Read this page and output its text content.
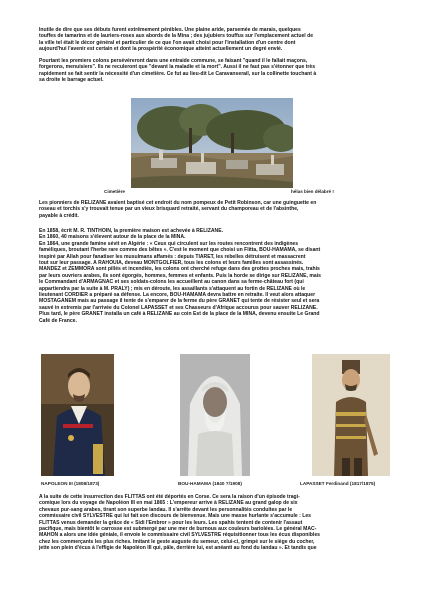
Inutile de dire que ses débuts furent extrêmement pénibles. Une plaine aride, parsemée de marais, quelques
touffes de tamarins et de lauriers-roses aux abords de la Mina ; des jujubiers touffus sur l'emplacement actuel de
la ville tel était le décor général et particulier de ce que l'on avait choisi pour l'installation d'un centre dont
aujourd'hui l'avenir est certain et dont la prospérité économique atteint actuellement un degré envié.

Pourtant les premiers colons persévéreront dans une entraide commune, se faisant "quand il le fallait maçons,
forgerons, menuisiers". Ils ne reculeront que "devant la maladie et la mort". Aussi il ne faut pas s'étonner que très
rapidement se fait sentir la nécessité d'un cimetière. Ce fut au lieu-dit Le Caravanserail, sur la collinette touchant à
sa droite le barrage actuel.

Cimetière	hélas bien délabré !

Les pionniers de RELIZANE avaient baptisé cet endroit du nom pompeux de Petit Robinson, car une guinguette en
roseau et torchis s'y trouvait tenue par un vieux brisquard retraité, servant du champoreau et de l'absinthe,
payable à crédit.

En 1858, écrit M. R. TINTHOIN, la première maison est achevée à RELIZANE.
En 1860, 40 maisons s'élevent autour de la place de la MINA.
En 1864, une grande famine sévit en Algérie : « Ceux qui circulent sur les routes rencontrent des indigènes
faméliques, broutant l'herbe rare comme des bêtes ». C'est le moment que choisi un Flitta, BOU-HAMAMA, se disant
inspiré par Allah pour fanatiser les musulmans affamés : depuis TIARET, les rebelles détruisent et massacrent
tout sur leur passage. A RAHOUIA, deveau MONTGOLFIER, tous les colons et leurs familles sont assassinés.
MANDEZ et ZEMMORA sont pillés et incendiés, les colons ont cherché refuge dans des grottes proches mais, trahis
par leurs ouvriers arabes, ils sont égorgés, hommes, femmes et enfants. Puis la horde se dirige sur RELIZANE, mais
le Commandant d'ARMAGNAC et ses soldats-colons les accueillent au canon dans sa ferme-château fort (qui
appartiendra par la suite à M. PRALY) ; mis en déroute, les assaillants s'attaquent au fortin de RELIZANE où le
lieutenant CORDIER a préparé sa défense. La encore, BOU-HAMAMA devra battre en retraite. Il veut alors attaquer
MOSTAGANEM mais au passage il tente de s'emparer de la ferme du père GRANET qui tente de résister seul et sera
sauvé in extremis par l'arrivée du Colonel LAPASSET et ses Chasseurs d'Afrique accourus pour sauver RELIZANE.
Plus tard, le père GRANET installa un café à RELIZANE au coin Est de la place de la MINA, devenu ensuite Le Grand
Café de France.

NAPOLEON III (1808/1873)	BOU-HAMAMA (1840 ?/1908)	LAPASSET Ferdinand (1817/1875)

A la suite de cette insurrection des FLITTAS ont été déportés en Corse. Ce sera la raison d'un épisode tragi-
comique lors du voyage de Napoléon III en mai 1865 : L'empereur arrive à RELIZANE au grand galop de six
chevaux pur-sang arabes, tirant son superbe landau. Il s'arrête devant les personnalités conduites par le
commissaire civil SYLVESTRE qui lui fait son discours de bienvenue. Mais une masse hurlante s'accumule : Les
FLITTAS venus demander la grâce de « Sidi l'Embror » pour les leurs. Les spahis tentent de contenir l'assaut
pacifique, mais bientôt le carrosse est submergé par une mer de burnous aux couleurs bariolées. Le général MAC-
MAHON a alors une idée géniale, il envoie le commissaire civil SYLVESTRE réquisitionner tous les écus disponibles
chez les commerçants les plus riches. Imitant le geste auguste du semeur, celui-ci, grimpé sur le siège du cocher,
jette son plein d'écus à l'effigie de Napoléon III qui, pâle, derrière lui, est anéanti au fond du landau ». Et tandis que
